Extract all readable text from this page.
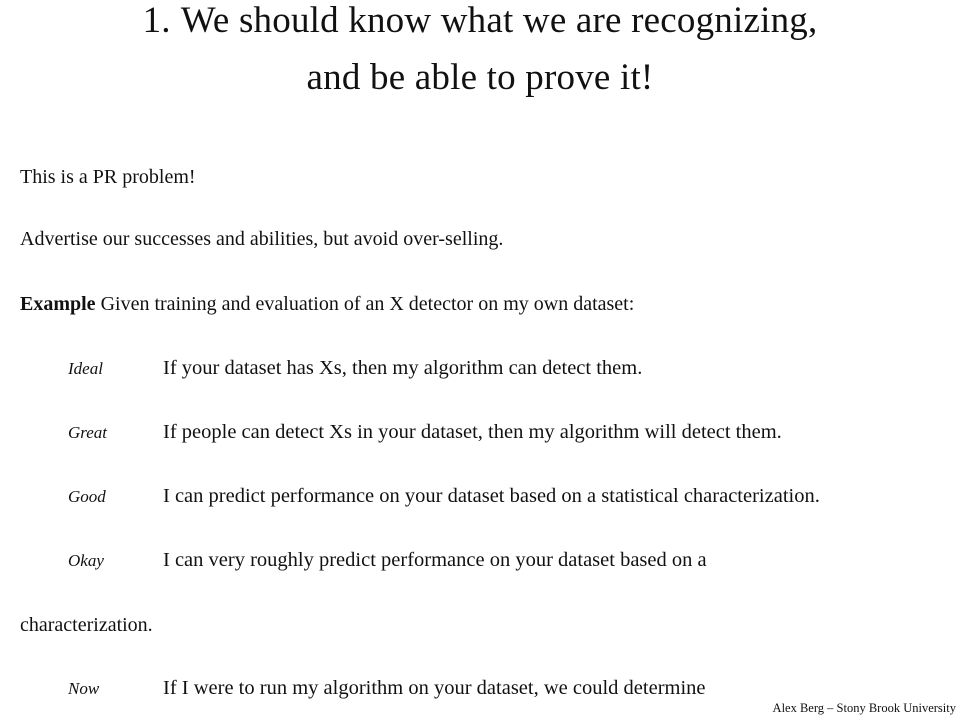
1. We should know what we are recognizing,
and be able to prove it!
This is a PR problem!
Advertise our successes and abilities, but avoid over-selling.
Example Given training and evaluation of an X detector on my own dataset:
Ideal	If your dataset has Xs, then my algorithm can detect them.
Great	If people can detect Xs in your dataset, then my algorithm will detect them.
Good	I can predict performance on your dataset based on a statistical characterization.
Okay	I can very roughly predict performance on your dataset based on a
characterization.
Now	If I were to run my algorithm on your dataset, we could determine
Alex Berg – Stony Brook University
